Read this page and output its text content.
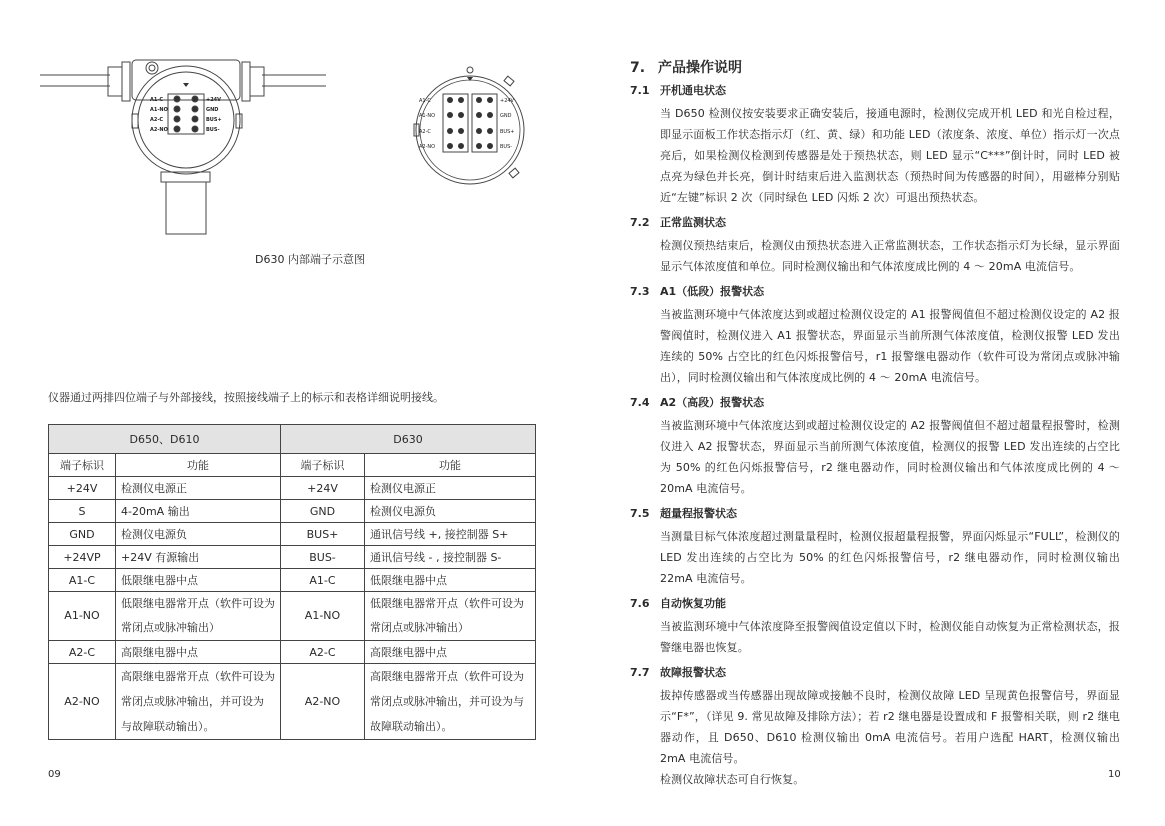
A1-C
A1-NO
A2-C
A2-NO
+24V
GND
BUS+
BUS-
A1-C
A1-NO
A2-C
A2-NO
+24V
GND
BUS+
BUS-
D630 内部端子示意图
仪器通过两排四位端子与外部接线，按照接线端子上的标示和表格详细说明接线。
D650、D610		D630	
端子标识	功能	端子标识	功能
+24V	检测仪电源正	+24V	检测仪电源正
S	4-20mA 输出	GND	检测仪电源负
GND	检测仪电源负	BUS+	通讯信号线 +, 接控制器 S+
+24VP	+24V 有源输出	BUS-	通讯信号线 - , 接控制器 S-
A1-C	低限继电器中点	A1-C	低限继电器中点
A1-NO	低限继电器常开点（软件可设为常闭点或脉冲输出）	A1-NO	低限继电器常开点（软件可设为常闭点或脉冲输出）
A2-C	高限继电器中点	A2-C	高限继电器中点
A2-NO	高限继电器常开点（软件可设为常闭点或脉冲输出，并可设为 与故障联动输出）。	A2-NO	高限继电器常开点（软件可设为常闭点或脉冲输出，并可设为与故障联动输出）。
09
7. 产品操作说明
7.1 开机通电状态
当 D650 检测仪按安装要求正确安装后，接通电源时，检测仪完成开机 LED 和光自检过程，即显示面板工作状态指示灯（红、黄、绿）和功能 LED（浓度条、浓度、单位）指示灯一次点亮后，如果检测仪检测到传感器是处于预热状态，则 LED 显示“C***”倒计时，同时 LED 被点亮为绿色并长亮，倒计时结束后进入监测状态（预热时间为传感器的时间），用磁棒分别贴近“左键”标识 2 次（同时绿色 LED 闪烁 2 次）可退出预热状态。
7.2 正常监测状态
检测仪预热结束后，检测仪由预热状态进入正常监测状态，工作状态指示灯为长绿，显示界面显示气体浓度值和单位。同时检测仪输出和气体浓度成比例的 4 ～ 20mA 电流信号。
7.3 A1（低段）报警状态
当被监测环境中气体浓度达到或超过检测仪设定的 A1 报警阀值但不超过检测仪设定的 A2 报警阀值时，检测仪进入 A1 报警状态，界面显示当前所测气体浓度值，检测仪报警 LED 发出连续的 50% 占空比的红色闪烁报警信号，r1 报警继电器动作（软件可设为常闭点或脉冲输出），同时检测仪输出和气体浓度成比例的 4 ～ 20mA 电流信号。
7.4 A2（高段）报警状态
当被监测环境中气体浓度达到或超过检测仪设定的 A2 报警阀值但不超过超量程报警时，检测仪进入 A2 报警状态，界面显示当前所测气体浓度值，检测仪的报警 LED 发出连续的占空比为 50% 的红色闪烁报警信号，r2 继电器动作，同时检测仪输出和气体浓度成比例的 4 ～ 20mA 电流信号。
7.5 超量程报警状态
当测量目标气体浓度超过测量量程时，检测仪报超量程报警，界面闪烁显示“FULL”，检测仪的 LED 发出连续的占空比为 50% 的红色闪烁报警信号，r2 继电器动作，同时检测仪输出 22mA 电流信号。
7.6 自动恢复功能
当被监测环境中气体浓度降至报警阀值设定值以下时，检测仪能自动恢复为正常检测状态，报警继电器也恢复。
7.7 故障报警状态
拔掉传感器或当传感器出现故障或接触不良时，检测仪故障 LED 呈现黄色报警信号，界面显示“F*”，（详见 9. 常见故障及排除方法）；若 r2 继电器是设置成和 F 报警相关联，则 r2 继电器动作，且 D650、D610 检测仪输出 0mA 电流信号。若用户选配 HART，检测仪输出 2mA 电流信号。
检测仪故障状态可自行恢复。	10
